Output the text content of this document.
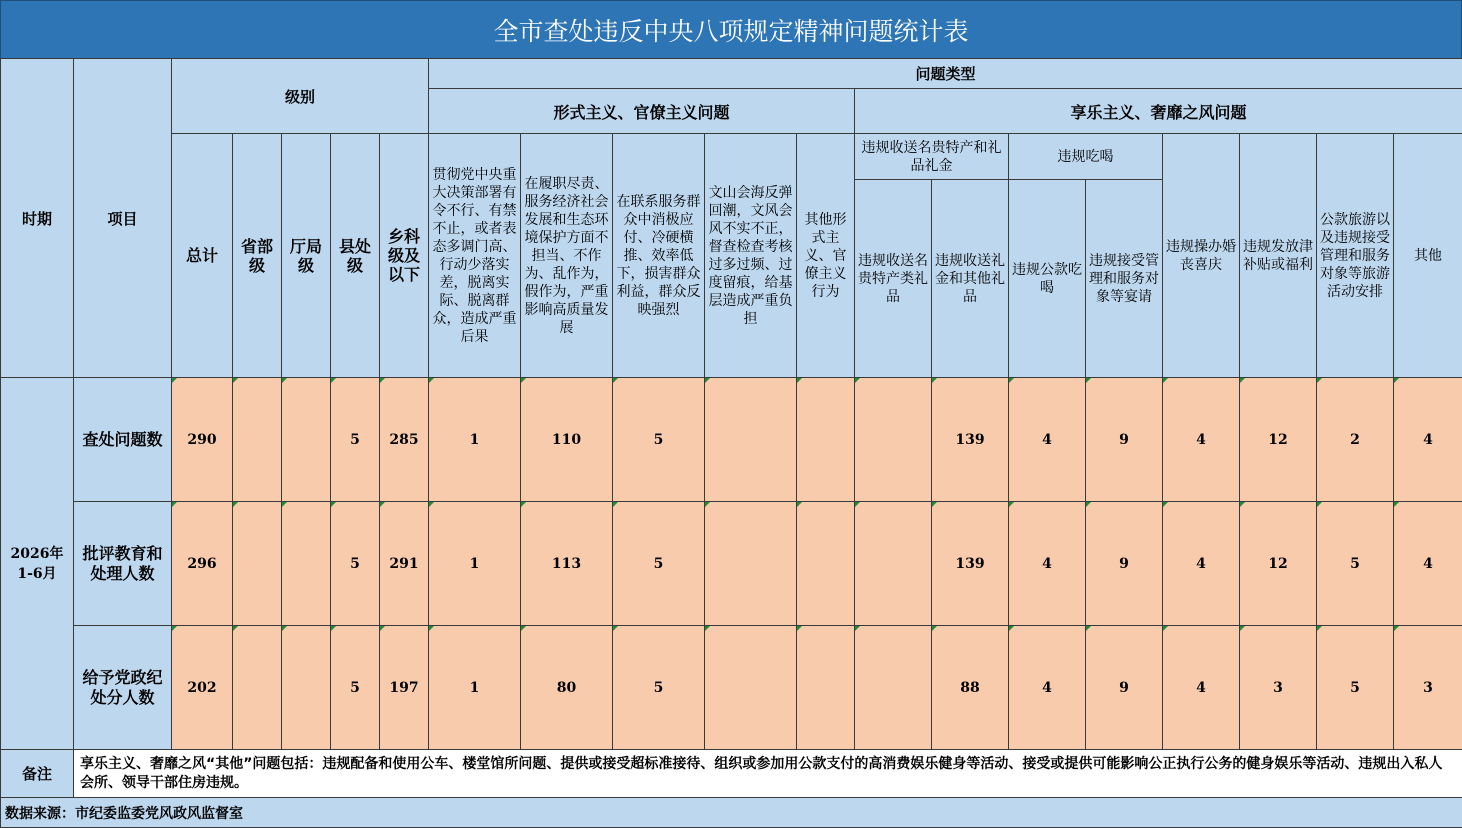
全市查处违反中央八项规定精神问题统计表
时期	项目	级别					问题类型												
							形式主义、官僚主义问题					享乐主义、奢靡之风问题							
		总计	省部级	厅局级	县处级	乡科级及以下	贯彻党中央重大决策部署有令不行、有禁不止，或者表态多调门高、行动少落实差，脱离实际、脱离群众，造成严重后果	在履职尽责、服务经济社会发展和生态环境保护方面不担当、不作为、乱作为，假作为，严重影响高质量发展	在联系服务群众中消极应付、冷硬横推、效率低下，损害群众利益，群众反映强烈	文山会海反弹回潮，文风会风不实不正，督查检查考核过多过频、过度留痕，给基层造成严重负担	其他形式主义、官僚主义行为	违规收送名贵特产和礼品礼金		违规吃喝		违规操办婚丧喜庆	违规发放津补贴或福利	公款旅游以及违规接受管理和服务对象等旅游活动安排	其他
												违规收送名贵特产类礼品	违规收送礼金和其他礼品	违规公款吃喝	违规接受管理和服务对象等宴请				
2026年1-6月	查处问题数	290			5	285	1	110	5				139	4	9	4	12	2	4
	批评教育和处理人数	296			5	291	1	113	5				139	4	9	4	12	5	4
	给予党政纪处分人数	202			5	197	1	80	5				88	4	9	4	3	5	3
备注	享乐主义、奢靡之风“其他”问题包括：违规配备和使用公车、楼堂馆所问题、提供或接受超标准接待、组织或参加用公款支付的高消费娱乐健身等活动、接受或提供可能影响公正执行公务的健身娱乐等活动、违规出入私人会所、领导干部住房违规。																		
数据来源：市纪委监委党风政风监督室																			
